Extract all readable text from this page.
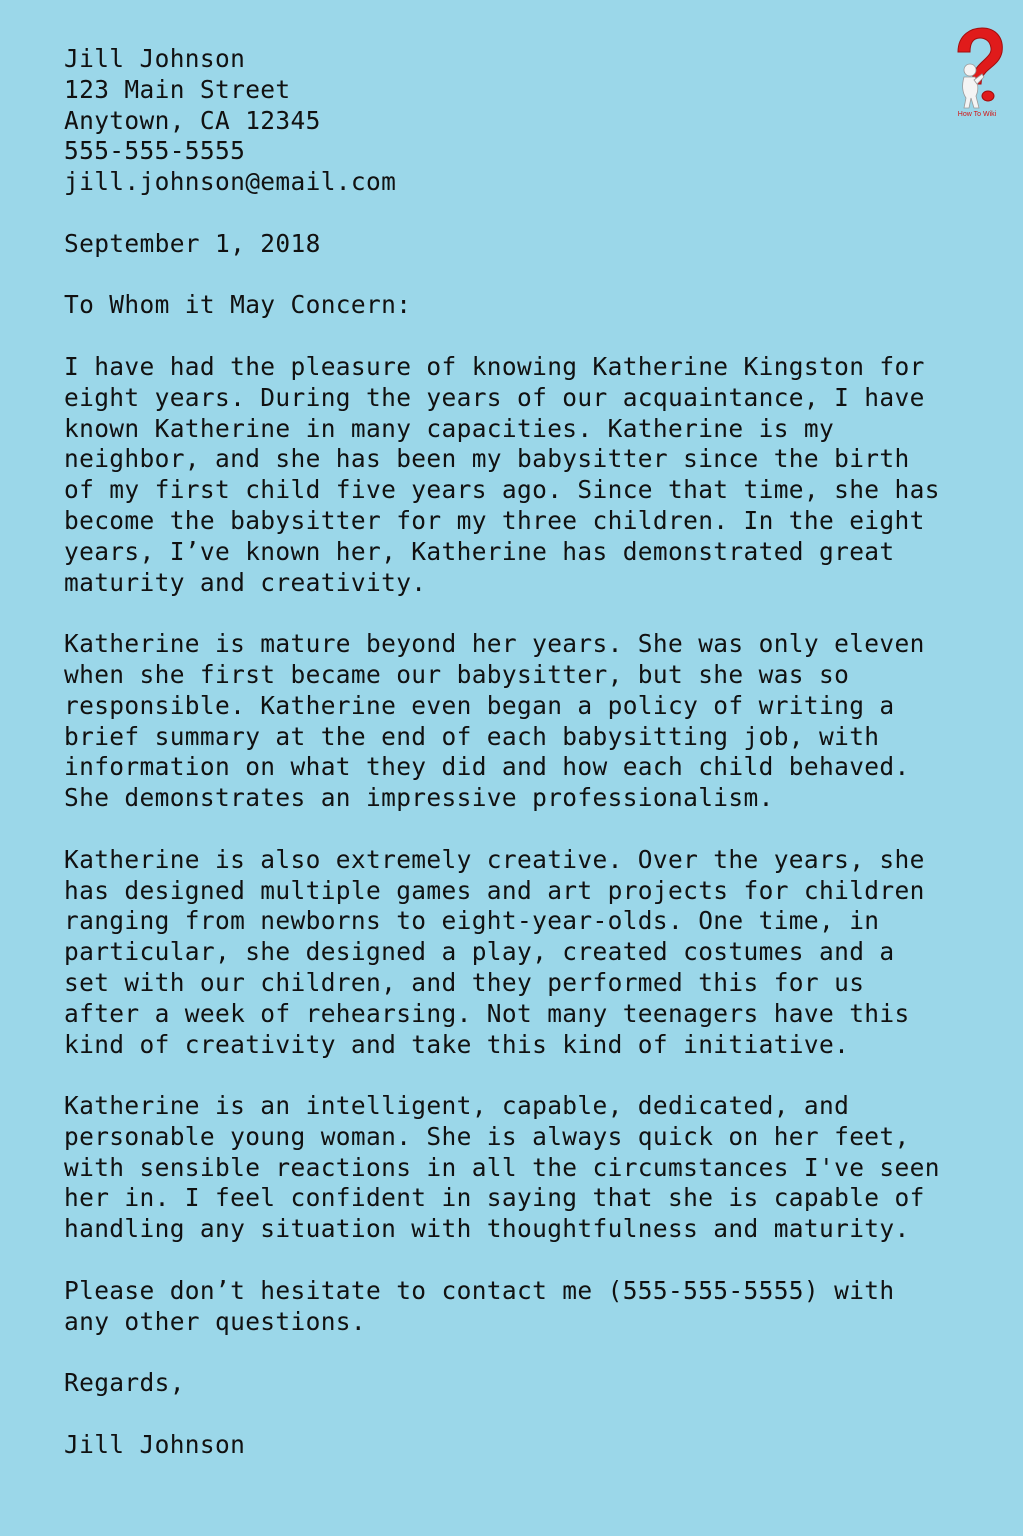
How To Wiki
Jill Johnson
123 Main Street
Anytown, CA 12345
555-555-5555
jill.johnson@email.com
September 1, 2018
To Whom it May Concern:
I have had the pleasure of knowing Katherine Kingston for
eight years. During the years of our acquaintance, I have
known Katherine in many capacities. Katherine is my
neighbor, and she has been my babysitter since the birth
of my first child five years ago. Since that time, she has
become the babysitter for my three children. In the eight
years, I’ve known her, Katherine has demonstrated great
maturity and creativity.
Katherine is mature beyond her years. She was only eleven
when she first became our babysitter, but she was so
responsible. Katherine even began a policy of writing a
brief summary at the end of each babysitting job, with
information on what they did and how each child behaved.
She demonstrates an impressive professionalism.
Katherine is also extremely creative. Over the years, she
has designed multiple games and art projects for children
ranging from newborns to eight-year-olds. One time, in
particular, she designed a play, created costumes and a
set with our children, and they performed this for us
after a week of rehearsing. Not many teenagers have this
kind of creativity and take this kind of initiative.
Katherine is an intelligent, capable, dedicated, and
personable young woman. She is always quick on her feet,
with sensible reactions in all the circumstances I've seen
her in. I feel confident in saying that she is capable of
handling any situation with thoughtfulness and maturity.
Please don’t hesitate to contact me (555-555-5555) with
any other questions.
Regards,
Jill Johnson
